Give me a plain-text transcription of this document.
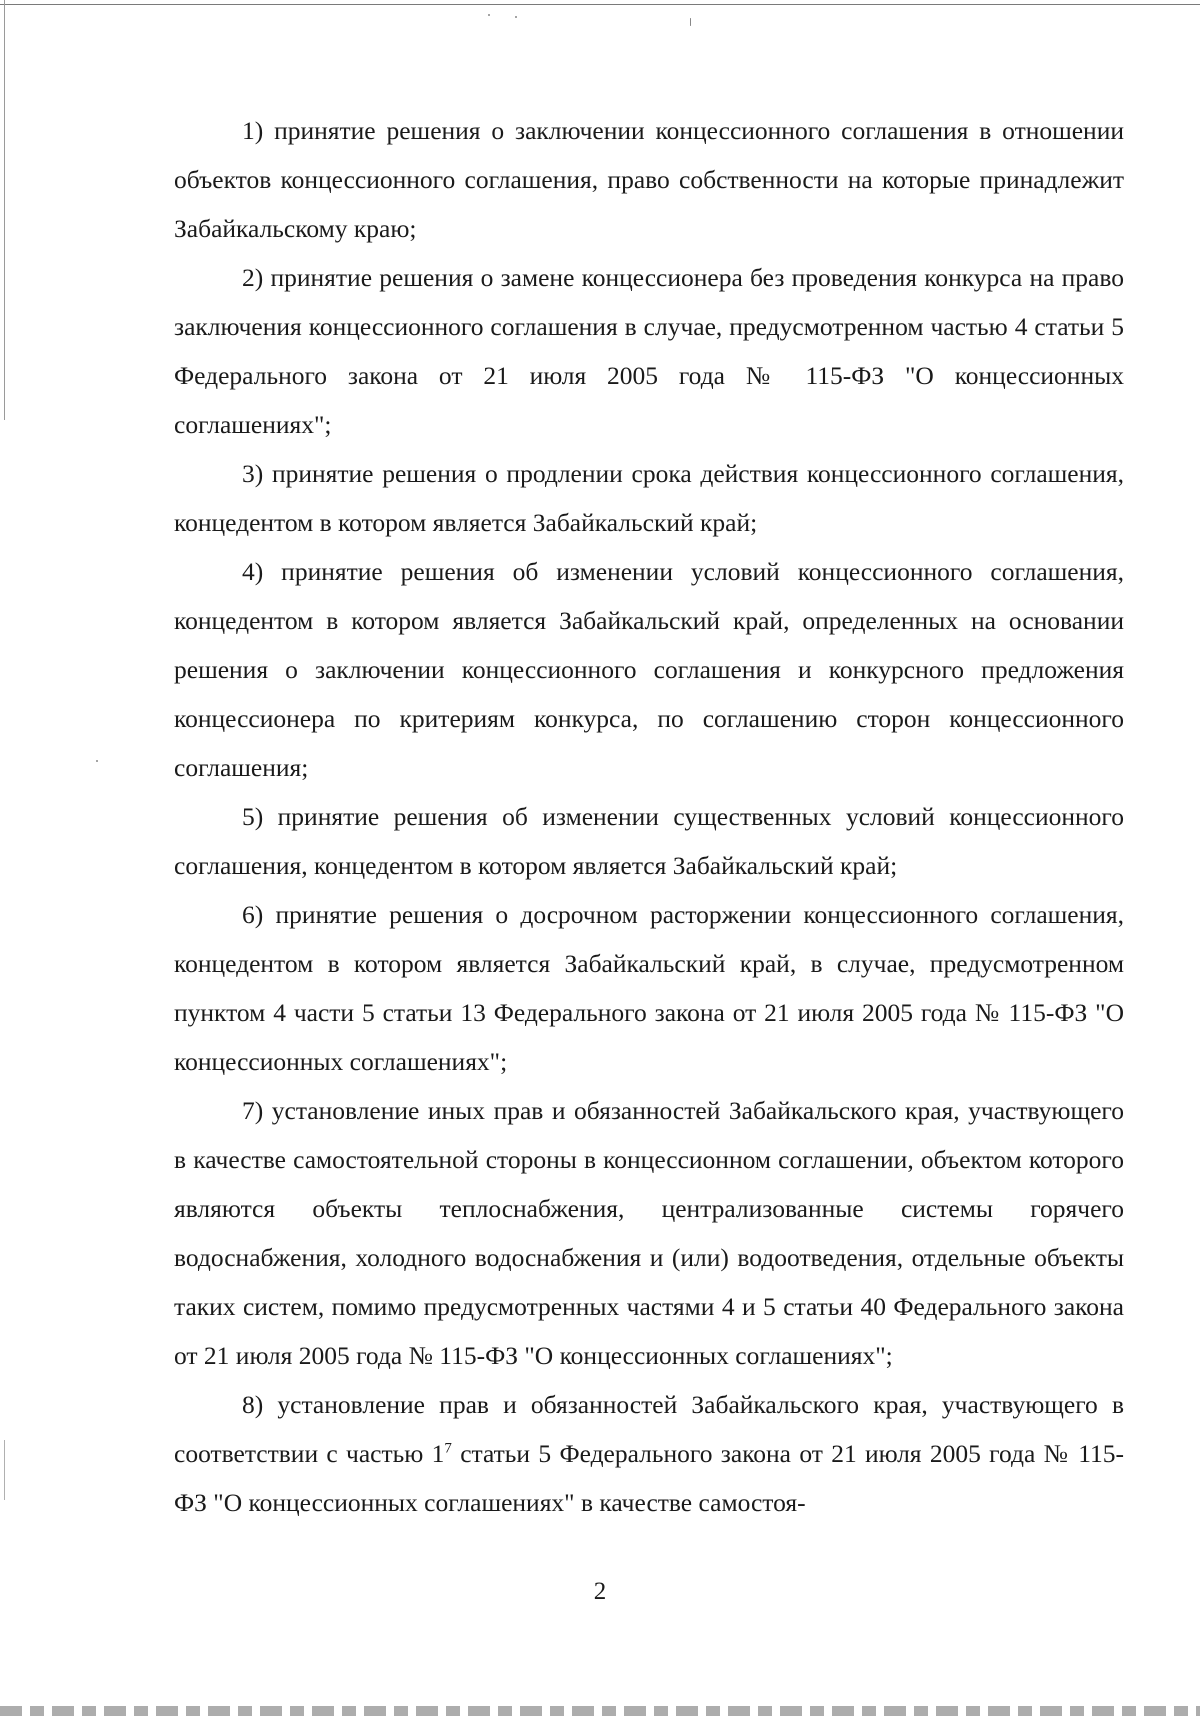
1) принятие решения о заключении концессионного соглашения в отношении объектов концессионного соглашения, право собственности на которые принадлежит Забайкальскому краю;

2) принятие решения о замене концессионера без проведения конкурса на право заключения концессионного соглашения в случае, предусмотренном частью 4 статьи 5 Федерального закона от 21 июля 2005 года № 115-ФЗ "О концессионных соглашениях";

3) принятие решения о продлении срока действия концессионного соглашения, концедентом в котором является Забайкальский край;

4) принятие решения об изменении условий концессионного соглашения, концедентом в котором является Забайкальский край, определенных на основании решения о заключении концессионного соглашения и конкурсного предложения концессионера по критериям конкурса, по соглашению сторон концессионного соглашения;

5) принятие решения об изменении существенных условий концессионного соглашения, концедентом в котором является Забайкальский край;

6) принятие решения о досрочном расторжении концессионного соглашения, концедентом в котором является Забайкальский край, в случае, предусмотренном пунктом 4 части 5 статьи 13 Федерального закона от 21 июля 2005 года № 115-ФЗ "О концессионных соглашениях";

7) установление иных прав и обязанностей Забайкальского края, участвующего в качестве самостоятельной стороны в концессионном соглашении, объектом которого являются объекты теплоснабжения, централизованные системы горячего водоснабжения, холодного водоснабжения и (или) водоотведения, отдельные объекты таких систем, помимо предусмотренных частями 4 и 5 статьи 40 Федерального закона от 21 июля 2005 года № 115-ФЗ "О концессионных соглашениях";

8) установление прав и обязанностей Забайкальского края, участвующего в соответствии с частью $1^7$ статьи 5 Федерального закона от 21 июля 2005 года № 115-ФЗ "О концессионных соглашениях" в качестве самостоя-

2
